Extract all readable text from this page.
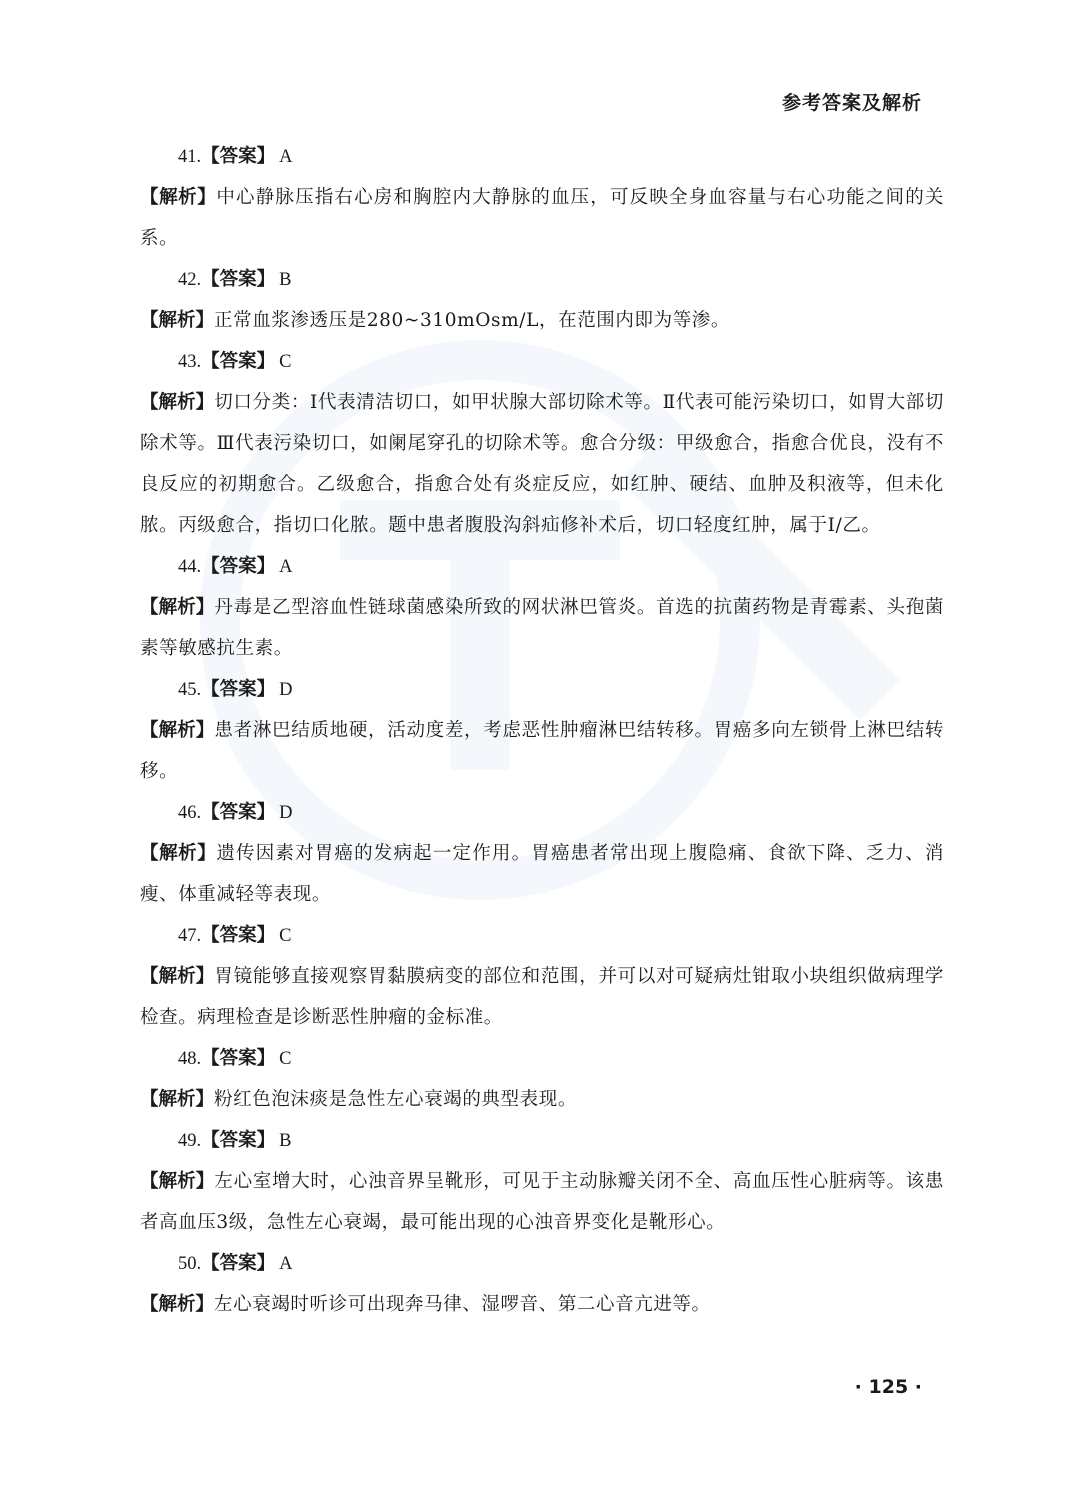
参考答案及解析
41.【答案】 A

【解析】中心静脉压指右心房和胸腔内大静脉的血压，可反映全身血容量与右心功能之间的关系。

42.【答案】 B

【解析】正常血浆渗透压是280~310mOsm/L，在范围内即为等渗。

43.【答案】 C

【解析】切口分类：Ⅰ代表清洁切口，如甲状腺大部切除术等。Ⅱ代表可能污染切口，如胃大部切除术等。Ⅲ代表污染切口，如阑尾穿孔的切除术等。愈合分级：甲级愈合，指愈合优良，没有不良反应的初期愈合。乙级愈合，指愈合处有炎症反应，如红肿、硬结、血肿及积液等，但未化脓。丙级愈合，指切口化脓。题中患者腹股沟斜疝修补术后，切口轻度红肿，属于Ⅰ/乙。

44.【答案】 A

【解析】丹毒是乙型溶血性链球菌感染所致的网状淋巴管炎。首选的抗菌药物是青霉素、头孢菌素等敏感抗生素。

45.【答案】 D

【解析】患者淋巴结质地硬，活动度差，考虑恶性肿瘤淋巴结转移。胃癌多向左锁骨上淋巴结转移。

46.【答案】 D

【解析】遗传因素对胃癌的发病起一定作用。胃癌患者常出现上腹隐痛、食欲下降、乏力、消瘦、体重减轻等表现。

47.【答案】 C

【解析】胃镜能够直接观察胃黏膜病变的部位和范围，并可以对可疑病灶钳取小块组织做病理学检查。病理检查是诊断恶性肿瘤的金标准。

48.【答案】 C

【解析】粉红色泡沫痰是急性左心衰竭的典型表现。

49.【答案】 B

【解析】左心室增大时，心浊音界呈靴形，可见于主动脉瓣关闭不全、高血压性心脏病等。该患者高血压3级，急性左心衰竭，最可能出现的心浊音界变化是靴形心。

50.【答案】 A

【解析】左心衰竭时听诊可出现奔马律、湿啰音、第二心音亢进等。

· 125 ·
